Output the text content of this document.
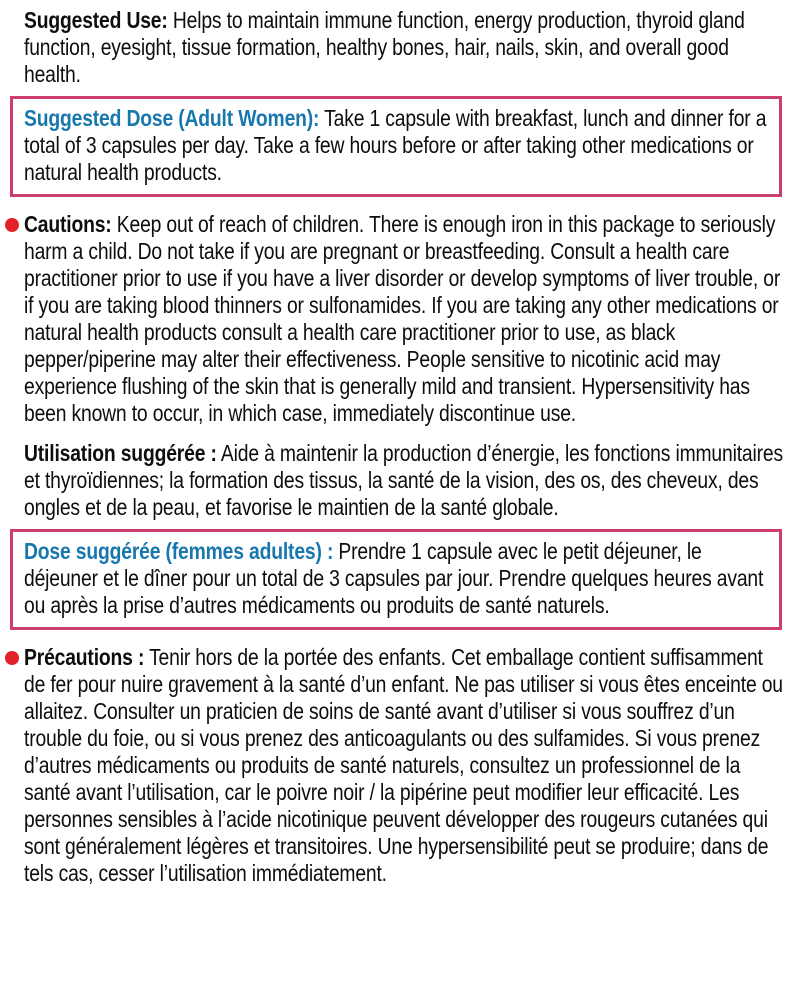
Suggested Use: Helps to maintain immune function, energy production, thyroid gland function, eyesight, tissue formation, healthy bones, hair, nails, skin, and overall good health.

Suggested Dose (Adult Women): Take 1 capsule with breakfast, lunch and dinner for a total of 3 capsules per day. Take a few hours before or after taking other medications or natural health products.

Cautions: Keep out of reach of children. There is enough iron in this package to seriously harm a child. Do not take if you are pregnant or breastfeeding. Consult a health care practitioner prior to use if you have a liver disorder or develop symptoms of liver trouble, or if you are taking blood thinners or sulfonamides. If you are taking any other medications or natural health products consult a health care practitioner prior to use, as black pepper/piperine may alter their effectiveness. People sensitive to nicotinic acid may experience flushing of the skin that is generally mild and transient. Hypersensitivity has been known to occur, in which case, immediately discontinue use.

Utilisation suggérée : Aide à maintenir la production d’énergie, les fonctions immunitaires et thyroïdiennes; la formation des tissus, la santé de la vision, des os, des cheveux, des ongles et de la peau, et favorise le maintien de la santé globale.

Dose suggérée (femmes adultes) : Prendre 1 capsule avec le petit déjeuner, le déjeuner et le dîner pour un total de 3 capsules par jour. Prendre quelques heures avant ou après la prise d’autres médicaments ou produits de santé naturels.

Précautions : Tenir hors de la portée des enfants. Cet emballage contient suffisamment de fer pour nuire gravement à la santé d’un enfant. Ne pas utiliser si vous êtes enceinte ou allaitez. Consulter un praticien de soins de santé avant d’utiliser si vous souffrez d’un trouble du foie, ou si vous prenez des anticoagulants ou des sulfamides. Si vous prenez d’autres médicaments ou produits de santé naturels, consultez un professionnel de la santé avant l’utilisation, car le poivre noir / la pipérine peut modifier leur efficacité. Les personnes sensibles à l’acide nicotinique peuvent développer des rougeurs cutanées qui sont généralement légères et transitoires. Une hypersensibilité peut se produire; dans de tels cas, cesser l’utilisation immédiatement.
